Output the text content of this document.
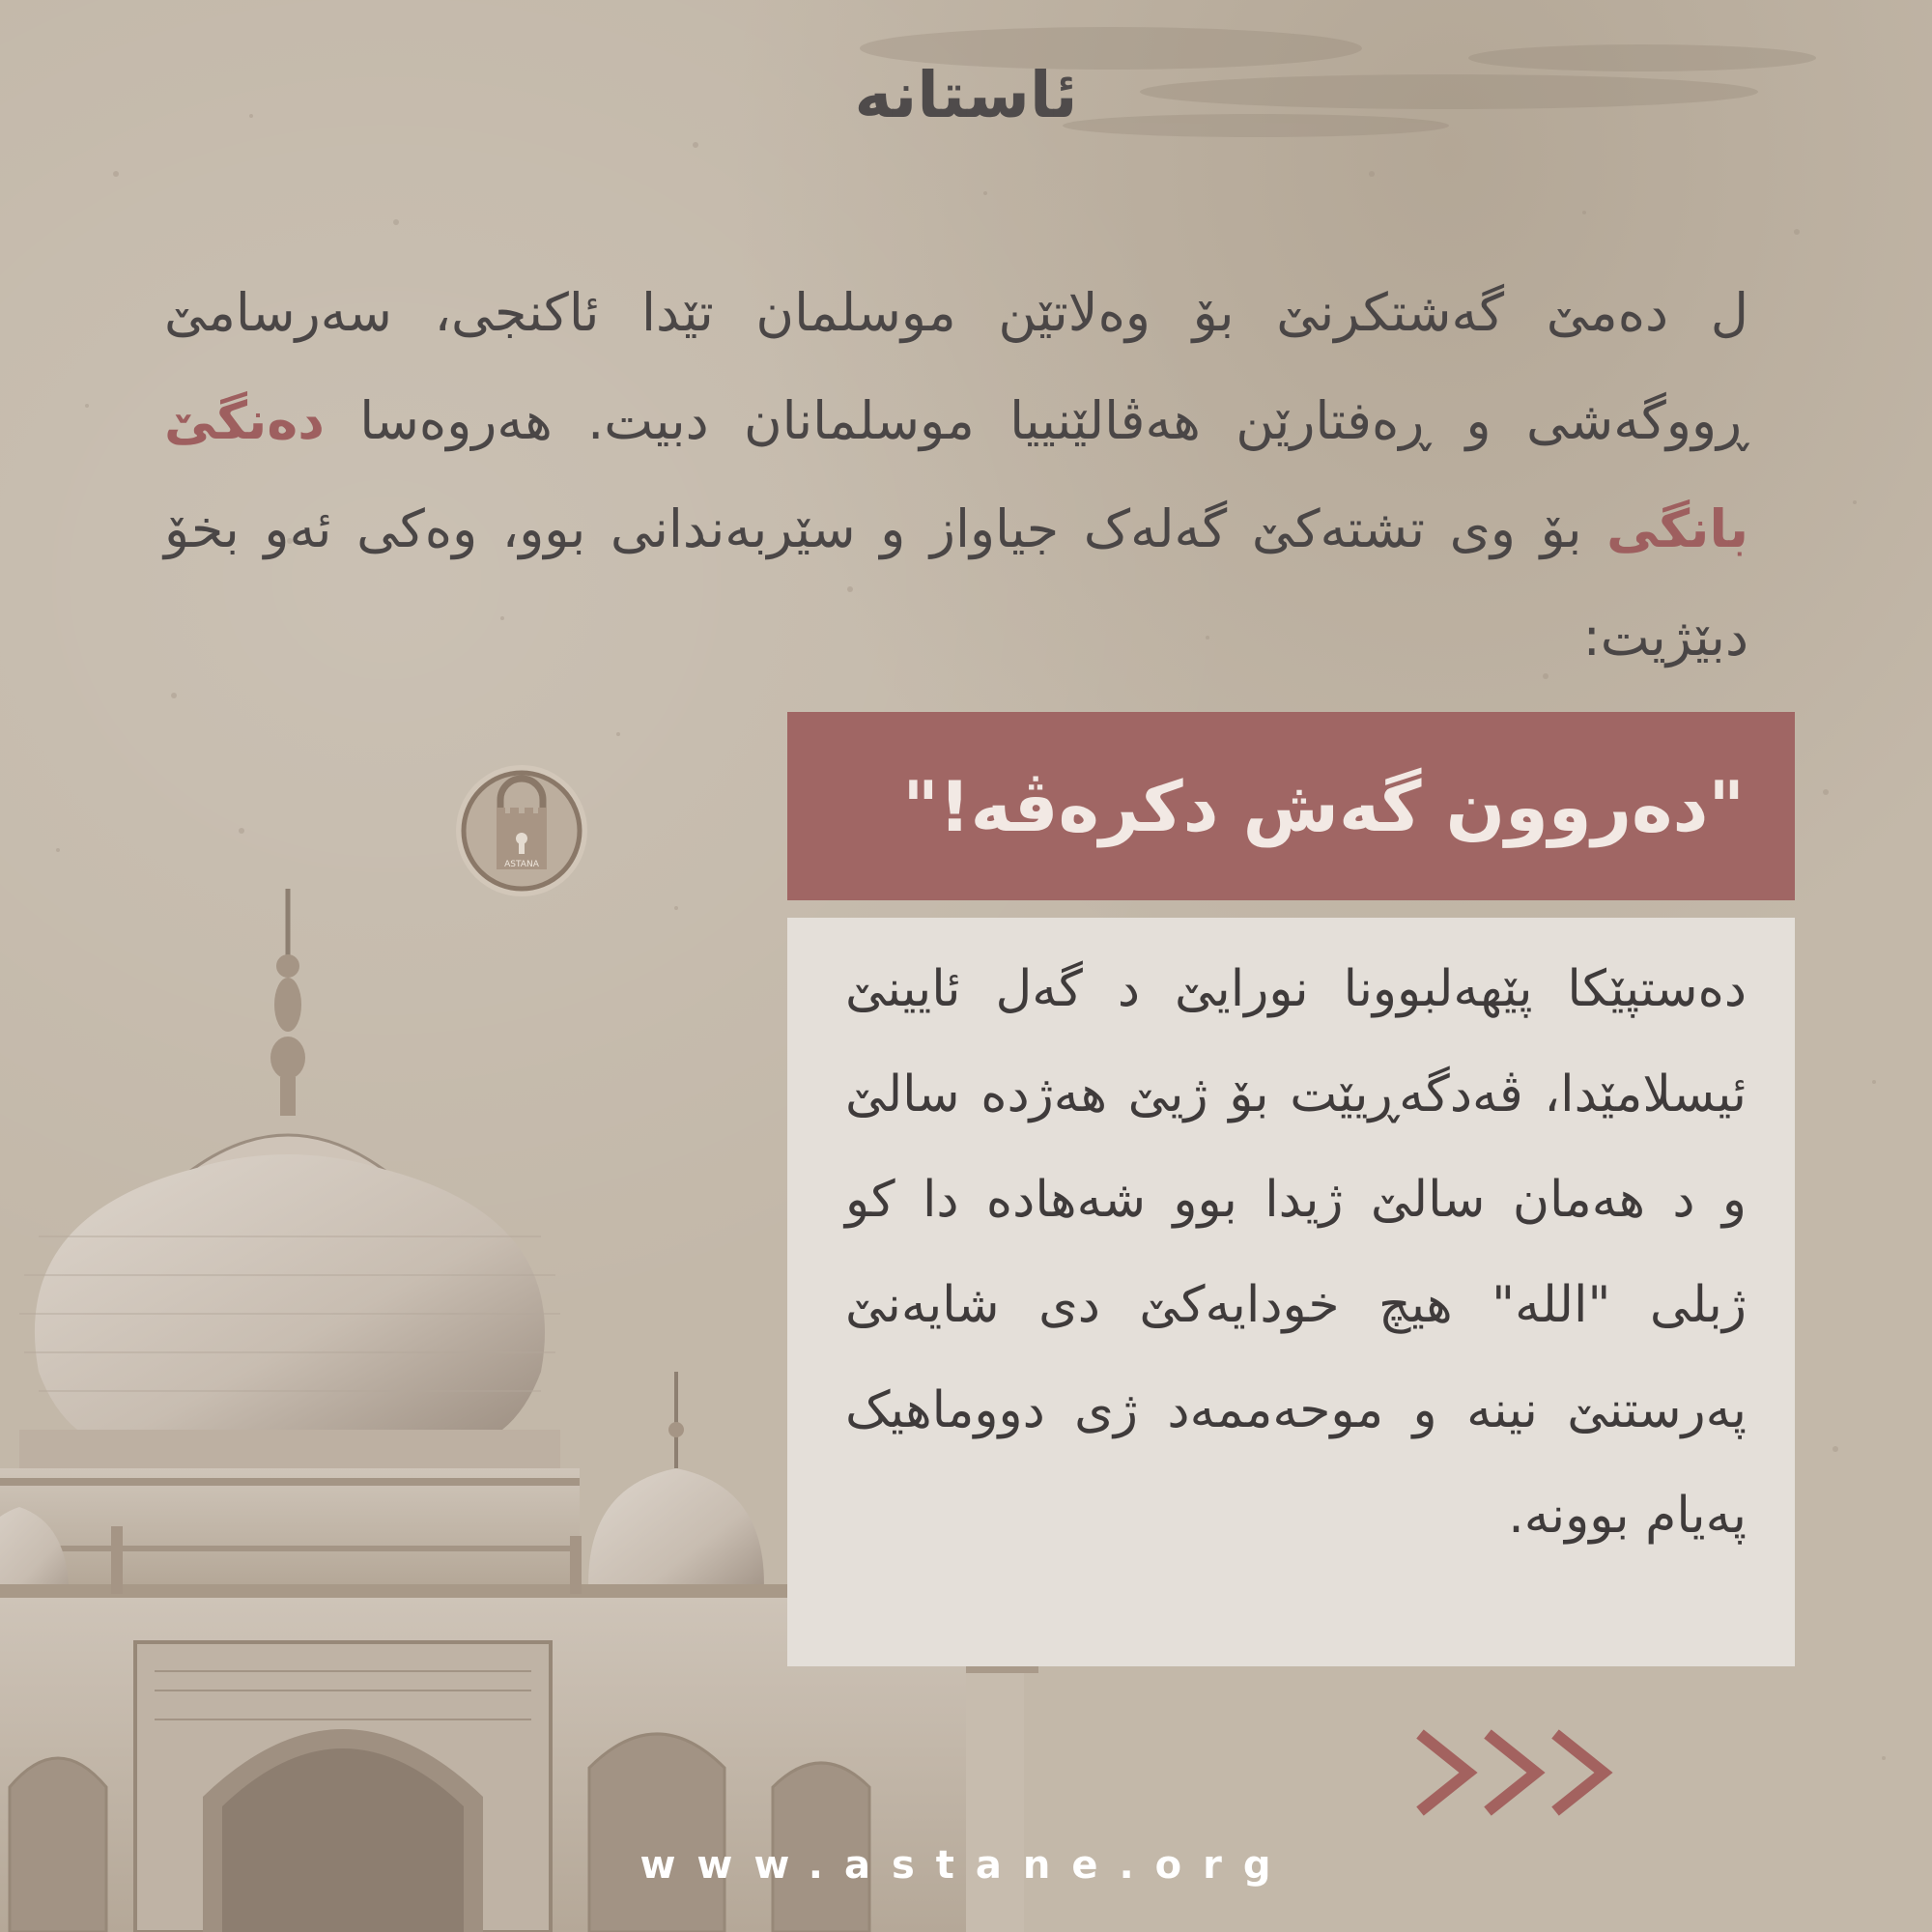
ئاستانه

ل دەمێ گەشتکرنێ بۆ وەلاتێن موسلمان تێدا ئاکنجی، سەرسامێ ڕووگەشی و ڕەفتارێن هەڤالێنییا موسلمانان دبیت. هەروەسا دەنگێ بانگی بۆ وی تشتەکێ گەلەک جیاواز و سێربەندانی بوو، وەکی ئەو بخۆ دبێژیت:

ASTANA
"دەروون گەش دکرەڤە!"

دەستپێکا پێهەلبوونا نورایێ د گەل ئایینێ ئیسلامێدا، ڤەدگەڕیێت بۆ ژیێ هەژدە سالێ و د هەمان سالێ ژیدا بوو شەهادە دا کو ژبلی "الله" هیچ خودایەکێ دی شایەنێ پەرستنێ نینە و موحەممەد ژی دووماهیک پەیام بوونە.

www.astane.org
